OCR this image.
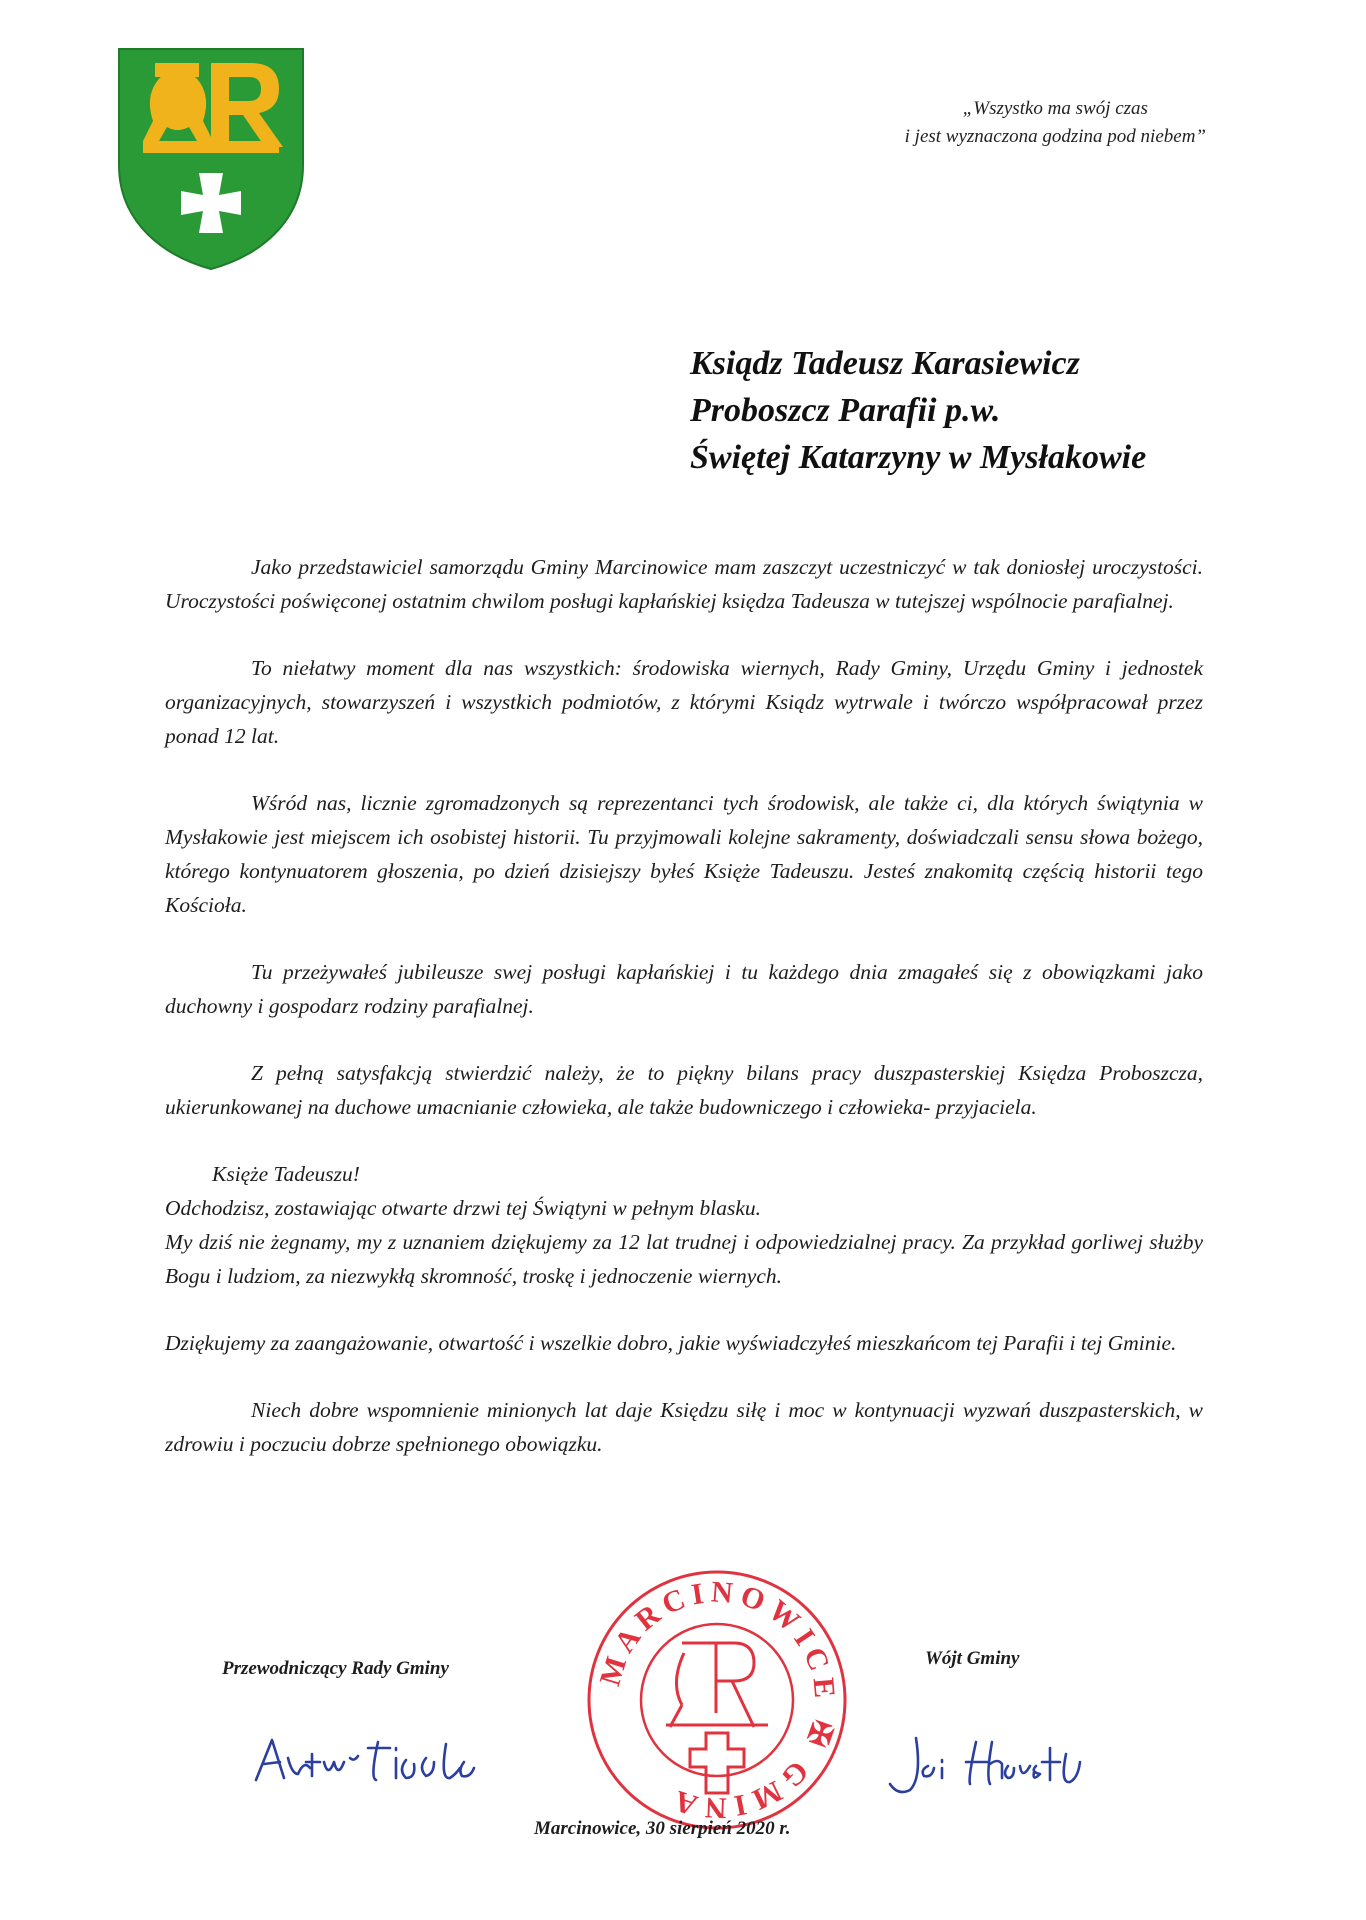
„Wszystko ma swój czas
i jest wyznaczona godzina pod niebem”
Ksiądz Tadeusz Karasiewicz
Proboszcz Parafii p.w.
Świętej Katarzyny w Mysłakowie

Jako przedstawiciel samorządu Gminy Marcinowice mam zaszczyt uczestniczyć w tak doniosłej uroczystości. Uroczystości poświęconej ostatnim chwilom posługi kapłańskiej księdza Tadeusza w tutejszej wspólnocie parafialnej.

To niełatwy moment dla nas wszystkich: środowiska wiernych, Rady Gminy, Urzędu Gminy i jednostek organizacyjnych, stowarzyszeń i wszystkich podmiotów, z którymi Ksiądz wytrwale i twórczo współpracował przez ponad 12 lat.

Wśród nas, licznie zgromadzonych są reprezentanci tych środowisk, ale także ci, dla których świątynia w Mysłakowie jest miejscem ich osobistej historii. Tu przyjmowali kolejne sakramenty, doświadczali sensu słowa bożego, którego kontynuatorem głoszenia, po dzień dzisiejszy byłeś Księże Tadeuszu. Jesteś znakomitą częścią historii tego Kościoła.

Tu przeżywałeś jubileusze swej posługi kapłańskiej i tu każdego dnia zmagałeś się z obowiązkami jako duchowny i gospodarz rodziny parafialnej.

Z pełną satysfakcją stwierdzić należy, że to piękny bilans pracy duszpasterskiej Księdza Proboszcza, ukierunkowanej na duchowe umacnianie człowieka, ale także budowniczego i człowieka- przyjaciela.

Księże Tadeuszu!
Odchodzisz, zostawiając otwarte drzwi tej Świątyni w pełnym blasku.
My dziś nie żegnamy, my z uznaniem dziękujemy za 12 lat trudnej i odpowiedzialnej pracy. Za przykład gorliwej służby Bogu i ludziom, za niezwykłą skromność, troskę i jednoczenie wiernych.

Dziękujemy za zaangażowanie, otwartość i wszelkie dobro, jakie wyświadczyłeś mieszkańcom tej Parafii i tej Gminie.

Niech dobre wspomnienie minionych lat daje Księdzu siłę i moc w kontynuacji wyzwań duszpasterskich, w zdrowiu i poczuciu dobrze spełnionego obowiązku.

Przewodniczący Rady Gminy	Wójt Gminy
MARCINOWICE ✠ GMINA
Marcinowice, 30 sierpień 2020 r.
